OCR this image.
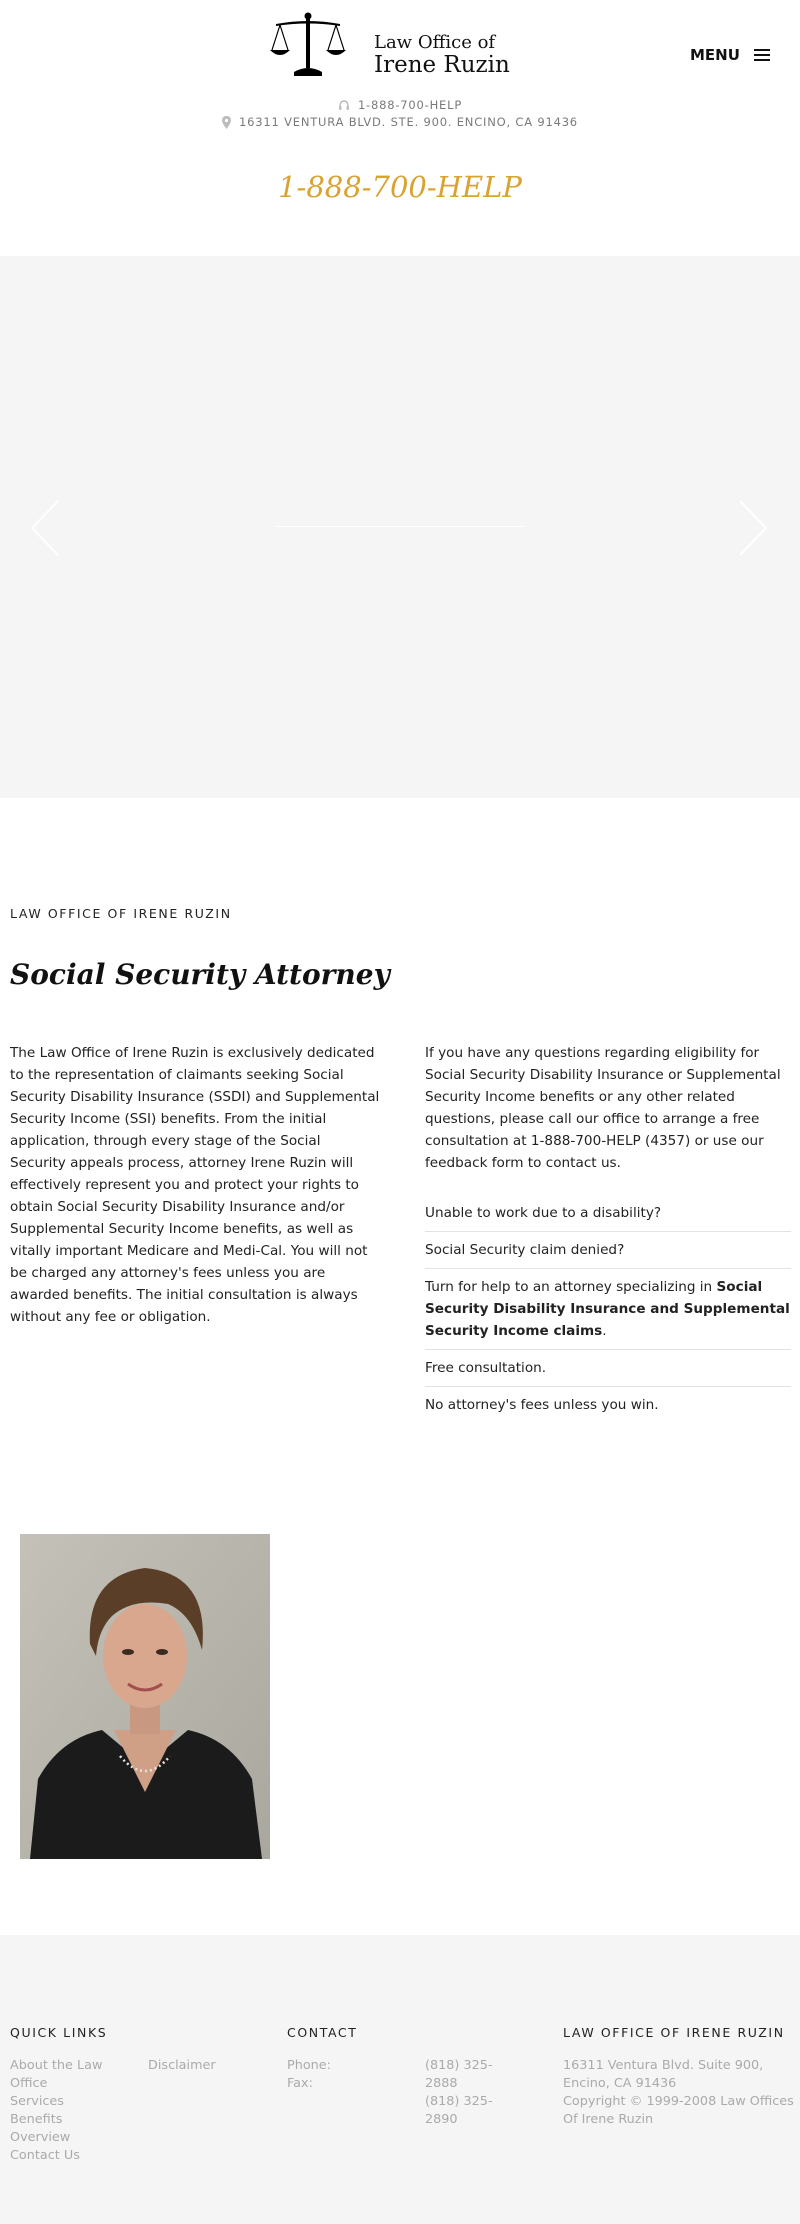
Law Office of
Irene Ruzin	MENU
1-888-700-HELP
16311 VENTURA BLVD. STE. 900. ENCINO, CA 91436
1-888-700-HELP
LAW OFFICE OF IRENE RUZIN
Social Security Attorney
The Law Office of Irene Ruzin is exclusively dedicated to the representation of claimants seeking Social Security Disability Insurance (SSDI) and Supplemental Security Income (SSI) benefits. From the initial application, through every stage of the Social Security appeals process, attorney Irene Ruzin will effectively represent you and protect your rights to obtain Social Security Disability Insurance and/or Supplemental Security Income benefits, as well as vitally important Medicare and Medi-Cal. You will not be charged any attorney's fees unless you are awarded benefits. The initial consultation is always without any fee or obligation.

If you have any questions regarding eligibility for Social Security Disability Insurance or Supplemental Security Income benefits or any other related questions, please call our office to arrange a free consultation at 1-888-700-HELP (4357) or use our feedback form to contact us.

Unable to work due to a disability?
Social Security claim denied?
Turn for help to an attorney specializing in Social Security Disability Insurance and Supplemental Security Income claims.
Free consultation.
No attorney's fees unless you win.
QUICK LINKS
About the Law Office
Services
Benefits Overview
Contact Us
Disclaimer
CONTACT
Phone:
Fax:
(818) 325-2888
(818) 325-2890
LAW OFFICE OF IRENE RUZIN
16311 Ventura Blvd. Suite 900, Encino, CA 91436
Copyright © 1999-2008 Law Offices Of Irene Ruzin
